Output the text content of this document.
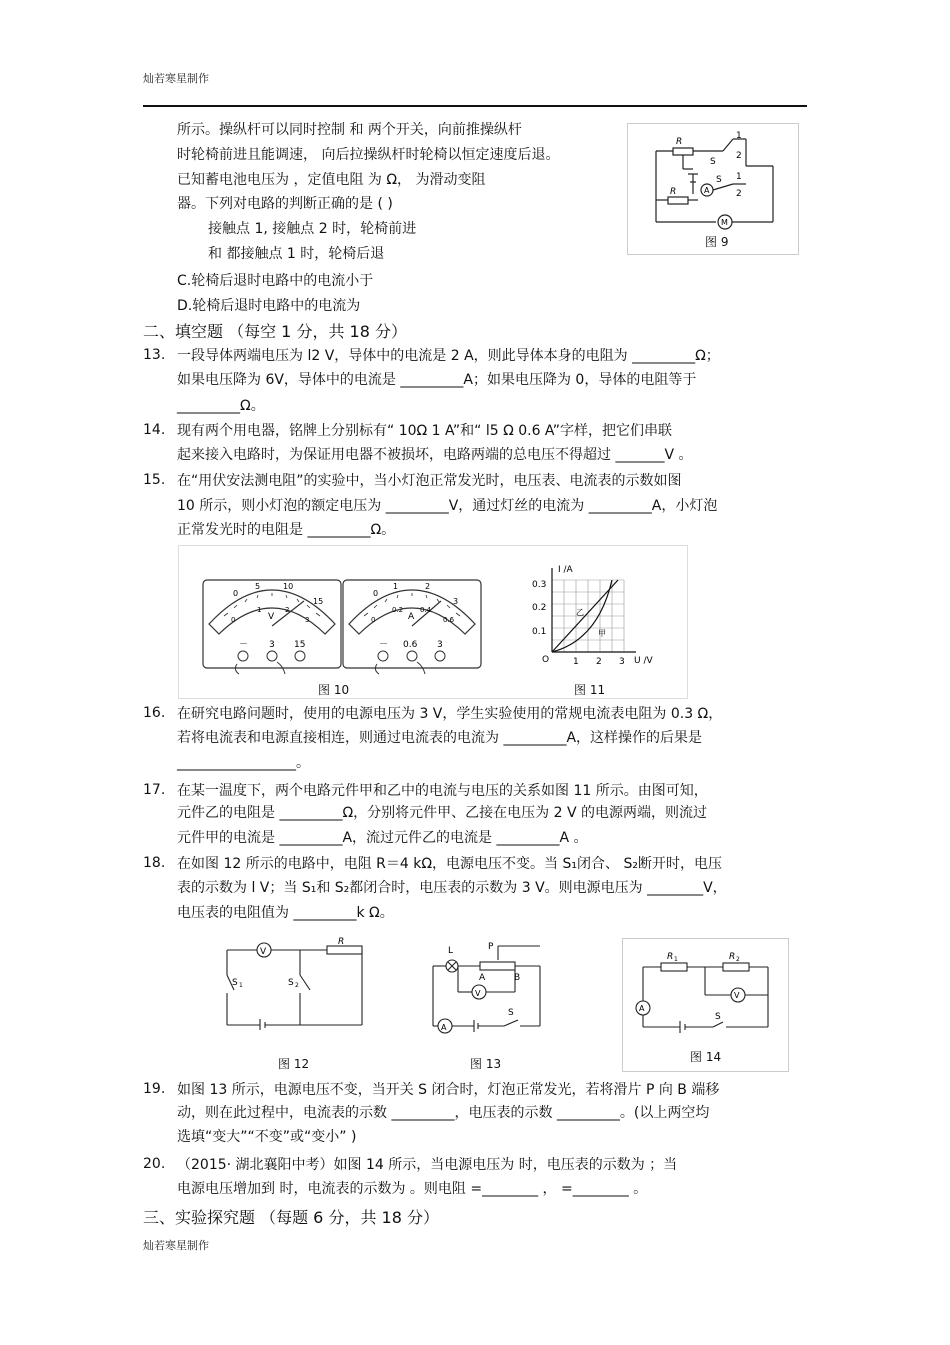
灿若寒星制作
所示。操纵杆可以同时控制 和 两个开关，向前推操纵杆
时轮椅前进且能调速， 向后拉操纵杆时轮椅以恒定速度后退。
已知蓄电池电压为 ，定值电阻 为 Ω， 为滑动变阻
器。下列对电路的判断正确的是 ( )
接触点 1, 接触点 2 时，轮椅前进
和 都接触点 1 时，轮椅后退
C.轮椅后退时电路中的电流小于
D.轮椅后退时电路中的电流为
R
R
S
S
A
M
1
2
1
2
图 9
二、填空题 （每空 1 分，共 18 分）
13. 一段导体两端电压为 l2 V，导体中的电流是 2 A，则此导体本身的电阻为 _________Ω；
如果电压降为 6V，导体中的电流是 _________A；如果电压降为 0，导体的电阻等于
_________Ω。
14. 现有两个用电器，铭牌上分别标有“ 10Ω 1 A”和“ l5 Ω 0.6 A”字样，把它们串联
起来接入电路时，为保证用电器不被损坏，电路两端的总电压不得超过 _______V 。
15. 在“用伏安法测电阻”的实验中，当小灯泡正常发光时，电压表、电流表的示数如图
10 所示，则小灯泡的额定电压为 _________V，通过灯丝的电流为 _________A，小灯泡
正常发光时的电阻是 _________Ω。
0
5	10
15
0
1	2
3
V
0
1	2
3
0
0.2 0.4
0.6
A
－ 3 15	－ 0.6 3
图 10
I /A
U /V
O
0.3
0.2
0.1
1 2 3
乙
甲
图 11
16. 在研究电路问题时，使用的电源电压为 3 V，学生实验使用的常规电流表电阻为 0.3 Ω，
若将电流表和电源直接相连，则通过电流表的电流为 _________A，这样操作的后果是
_________________。
17. 在某一温度下，两个电路元件甲和乙中的电流与电压的关系如图 11 所示。由图可知，
元件乙的电阻是 _________Ω，分别将元件甲、乙接在电压为 2 V 的电源两端，则流过
元件甲的电流是 _________A，流过元件乙的电流是 _________A 。
18. 在如图 12 所示的电路中，电阻 R＝4 kΩ，电源电压不变。当 S₁闭合、 S₂断开时，电压
表的示数为 l V；当 S₁和 S₂都闭合时，电压表的示数为 3 V。则电源电压为 ________V，
电压表的电阻值为 _________k Ω。
V
R
S 1	S 2
图 12
L	P
A	B
V
A
S
图 13
R 1	R 2
A
V
S
图 14
19. 如图 13 所示，电源电压不变，当开关 S 闭合时，灯泡正常发光，若将滑片 P 向 B 端移
动，则在此过程中，电流表的示数 _________，电压表的示数 _________。(以上两空均
选填“变大”“不变”或“变小” )
20. （2015· 湖北襄阳中考）如图 14 所示，当电源电压为 时，电压表的示数为 ；当
电源电压增加到 时，电流表的示数为 。则电阻 =________ ， =________ 。
三、实验探究题 （每题 6 分，共 18 分）
灿若寒星制作
